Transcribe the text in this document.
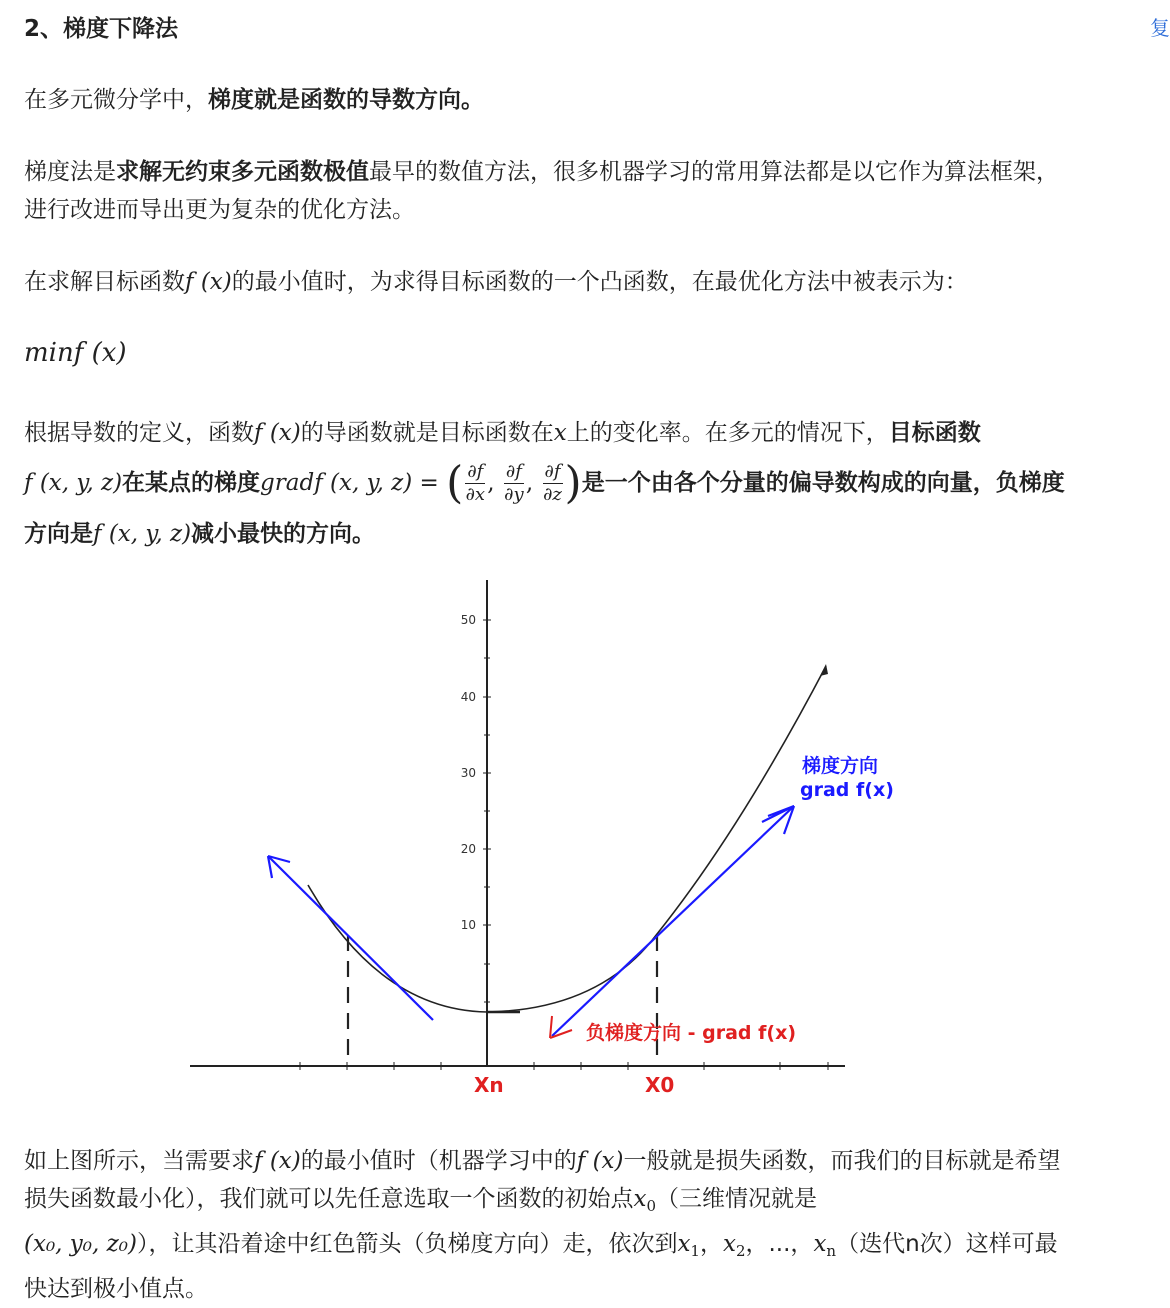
2、梯度下降法
在多元微分学中，梯度就是函数的导数方向。
梯度法是求解无约束多元函数极值最早的数值方法，很多机器学习的常用算法都是以它作为算法框架，进行改进而导出更为复杂的优化方法。
在求解目标函数f (x)的最小值时，为求得目标函数的一个凸函数，在最优化方法中被表示为：
minf (x)
根据导数的定义，函数f (x)的导函数就是目标函数在x上的变化率。在多元的情况下，目标函数
f (x, y, z)在某点的梯度gradf (x, y, z) = ( $\frac{\partial f}{\partial x}$ , $\frac{\partial f}{\partial y}$ , $\frac{\partial f}{\partial z}$ )是一个由各个分量的偏导数构成的向量，负梯度方向是f (x, y, z)减小最快的方向。
50
40
30
20
10
梯度方向
grad f(x)
负梯度方向 - grad f(x)
Xn	X0
如上图所示，当需要求f (x)的最小值时（机器学习中的f (x)一般就是损失函数，而我们的目标就是希望损失函数最小化），我们就可以先任意选取一个函数的初始点$x_0$（三维情况就是
(x₀, y₀, z₀)），让其沿着途中红色箭头（负梯度方向）走，依次到$x_1$，$x_2$，...，$x_n$（迭代n次）这样可最快达到极小值点。
复
